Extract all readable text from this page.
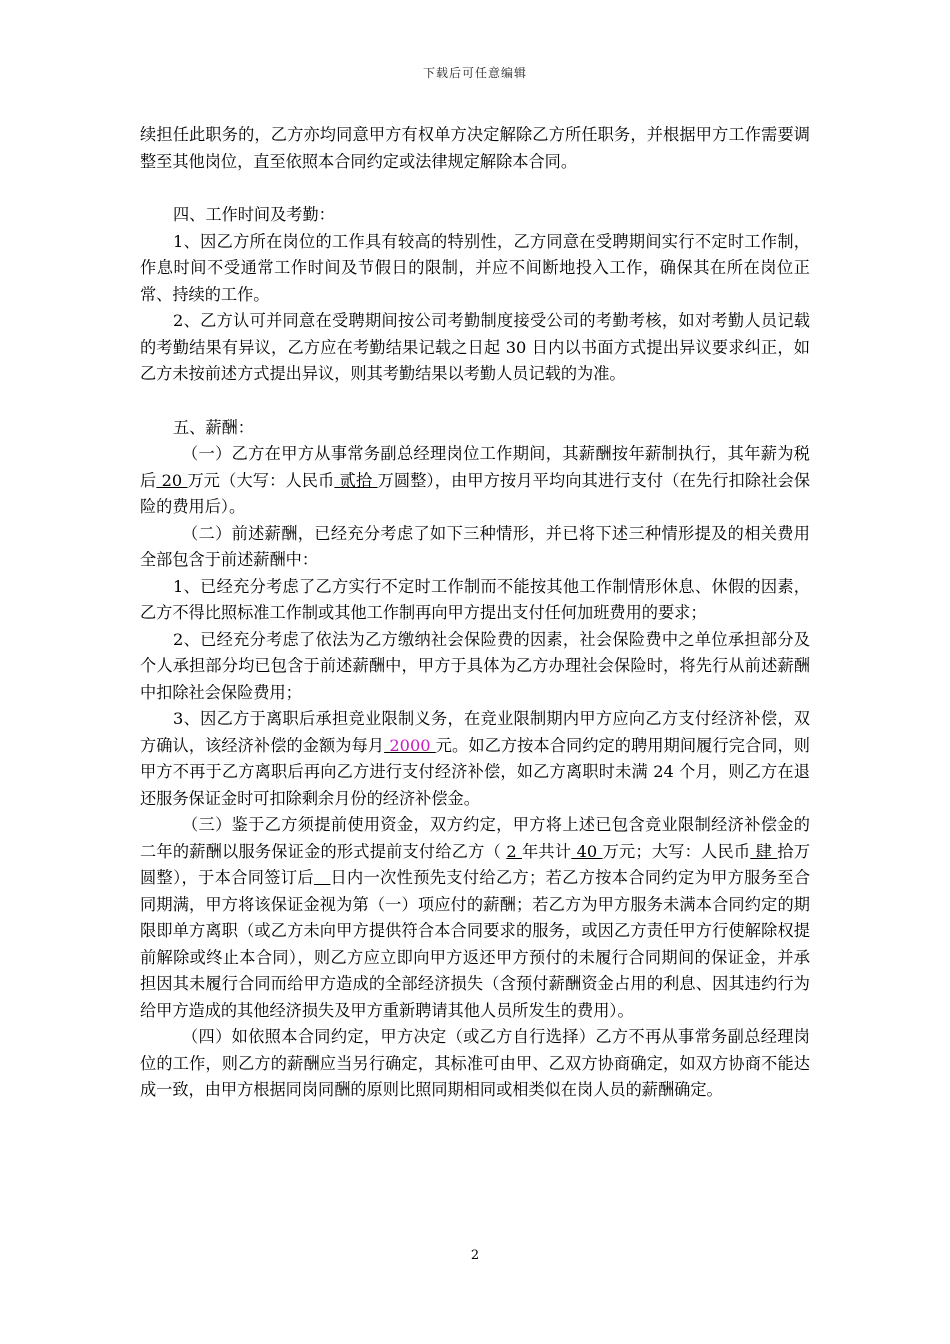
下载后可任意编辑

续担任此职务的，乙方亦均同意甲方有权单方决定解除乙方所任职务，并根据甲方工作需要调整至其他岗位，直至依照本合同约定或法律规定解除本合同。

四、工作时间及考勤：

1、因乙方所在岗位的工作具有较高的特别性，乙方同意在受聘期间实行不定时工作制，作息时间不受通常工作时间及节假日的限制，并应不间断地投入工作，确保其在所在岗位正常、持续的工作。

2、乙方认可并同意在受聘期间按公司考勤制度接受公司的考勤考核，如对考勤人员记载的考勤结果有异议，乙方应在考勤结果记载之日起 30 日内以书面方式提出异议要求纠正，如乙方未按前述方式提出异议，则其考勤结果以考勤人员记载的为准。

五、薪酬：

（一）乙方在甲方从事常务副总经理岗位工作期间，其薪酬按年薪制执行，其年薪为税后 20 万元（大写：人民币 贰拾 万圆整），由甲方按月平均向其进行支付（在先行扣除社会保险的费用后）。

（二）前述薪酬，已经充分考虑了如下三种情形，并已将下述三种情形提及的相关费用全部包含于前述薪酬中：

1、已经充分考虑了乙方实行不定时工作制而不能按其他工作制情形休息、休假的因素，乙方不得比照标准工作制或其他工作制再向甲方提出支付任何加班费用的要求；

2、已经充分考虑了依法为乙方缴纳社会保险费的因素，社会保险费中之单位承担部分及个人承担部分均已包含于前述薪酬中，甲方于具体为乙方办理社会保险时，将先行从前述薪酬中扣除社会保险费用；

3、因乙方于离职后承担竞业限制义务，在竞业限制期内甲方应向乙方支付经济补偿，双方确认，该经济补偿的金额为每月 2000 元。如乙方按本合同约定的聘用期间履行完合同，则甲方不再于乙方离职后再向乙方进行支付经济补偿，如乙方离职时未满 24 个月，则乙方在退还服务保证金时可扣除剩余月份的经济补偿金。

（三）鉴于乙方须提前使用资金，双方约定，甲方将上述已包含竞业限制经济补偿金的二年的薪酬以服务保证金的形式提前支付给乙方（ 2 年共计 40 万元；大写：人民币 肆 拾万圆整），于本合同签订后 日内一次性预先支付给乙方；若乙方按本合同约定为甲方服务至合同期满，甲方将该保证金视为第（一）项应付的薪酬；若乙方为甲方服务未满本合同约定的期限即单方离职（或乙方未向甲方提供符合本合同要求的服务，或因乙方责任甲方行使解除权提前解除或终止本合同），则乙方应立即向甲方返还甲方预付的未履行合同期间的保证金，并承担因其未履行合同而给甲方造成的全部经济损失（含预付薪酬资金占用的利息、因其违约行为给甲方造成的其他经济损失及甲方重新聘请其他人员所发生的费用）。

（四）如依照本合同约定，甲方决定（或乙方自行选择）乙方不再从事常务副总经理岗位的工作，则乙方的薪酬应当另行确定，其标准可由甲、乙双方协商确定，如双方协商不能达成一致，由甲方根据同岗同酬的原则比照同期相同或相类似在岗人员的薪酬确定。

2
